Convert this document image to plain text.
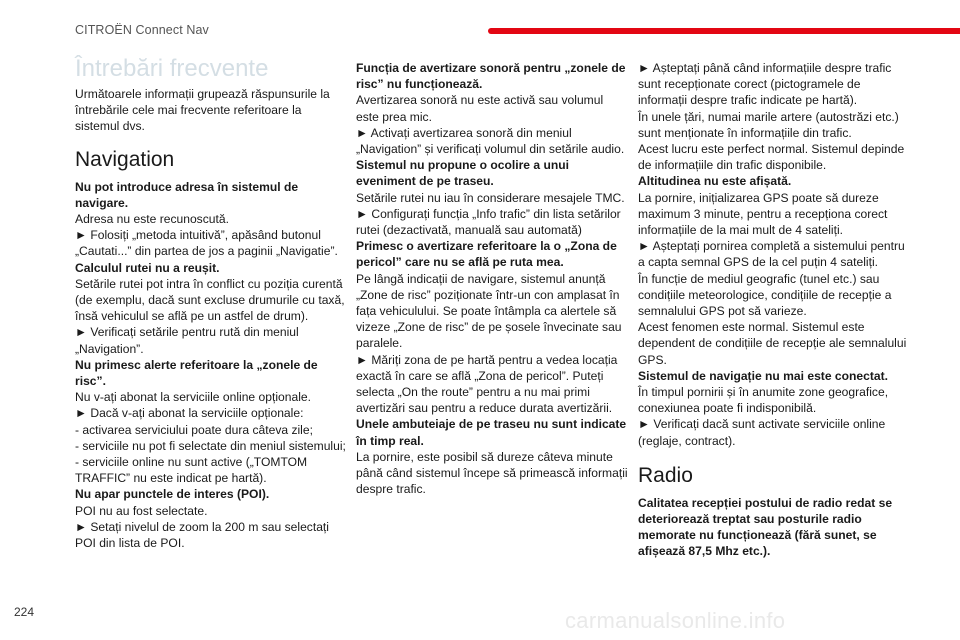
CITROËN Connect Nav
Întrebări frecvente

Următoarele informații grupează răspunsurile la întrebările cele mai frecvente referitoare la sistemul dvs.

Navigation

Nu pot introduce adresa în sistemul de navigare.

Adresa nu este recunoscută.

► Folosiți „metoda intuitivă”, apăsând butonul „Cautati...” din partea de jos a paginii „Navigatie”.

Calculul rutei nu a reușit.

Setările rutei pot intra în conflict cu poziția curentă (de exemplu, dacă sunt excluse drumurile cu taxă, însă vehiculul se află pe un astfel de drum).

► Verificați setările pentru rută din meniul „Navigation”.

Nu primesc alerte referitoare la „zonele de risc”.

Nu v-ați abonat la serviciile online opționale.

► Dacă v-ați abonat la serviciile opționale:

- activarea serviciului poate dura câteva zile;

- serviciile nu pot fi selectate din meniul sistemului;

- serviciile online nu sunt active („TOMTOM TRAFFIC” nu este indicat pe hartă).

Nu apar punctele de interes (POI).

POI nu au fost selectate.

► Setați nivelul de zoom la 200 m sau selectați POI din lista de POI.

Funcția de avertizare sonoră pentru „zonele de risc” nu funcționează.

Avertizarea sonoră nu este activă sau volumul este prea mic.

► Activați avertizarea sonoră din meniul „Navigation” și verificați volumul din setările audio.

Sistemul nu propune o ocolire a unui eveniment de pe traseu.

Setările rutei nu iau în considerare mesajele TMC.

► Configurați funcția „Info trafic” din lista setărilor rutei (dezactivată, manuală sau automată)

Primesc o avertizare referitoare la o „Zona de pericol” care nu se află pe ruta mea.

Pe lângă indicații de navigare, sistemul anunță „Zone de risc” poziționate într-un con amplasat în fața vehiculului. Se poate întâmpla ca alertele să vizeze „Zone de risc” de pe șosele învecinate sau paralele.

► Măriți zona de pe hartă pentru a vedea locația exactă în care se află „Zona de pericol”. Puteți selecta „On the route” pentru a nu mai primi avertizări sau pentru a reduce durata avertizării.

Unele ambuteiaje de pe traseu nu sunt indicate în timp real.

La pornire, este posibil să dureze câteva minute până când sistemul începe să primească informații despre trafic.

► Așteptați până când informațiile despre trafic sunt recepționate corect (pictogramele de informații despre trafic indicate pe hartă).

În unele țări, numai marile artere (autostrăzi etc.) sunt menționate în informațiile din trafic.

Acest lucru este perfect normal. Sistemul depinde de informațiile din trafic disponibile.

Altitudinea nu este afișată.

La pornire, inițializarea GPS poate să dureze maximum 3 minute, pentru a recepționa corect informațiile de la mai mult de 4 sateliți.

► Așteptați pornirea completă a sistemului pentru a capta semnal GPS de la cel puțin 4 sateliți.

În funcție de mediul geografic (tunel etc.) sau condițiile meteorologice, condițiile de recepție a semnalului GPS pot să varieze.

Acest fenomen este normal. Sistemul este dependent de condițiile de recepție ale semnalului GPS.

Sistemul de navigație nu mai este conectat.

În timpul pornirii și în anumite zone geografice, conexiunea poate fi indisponibilă.

► Verificați dacă sunt activate serviciile online (reglaje, contract).

Radio

Calitatea recepției postului de radio redat se deteriorează treptat sau posturile radio memorate nu funcționează (fără sunet, se afișează 87,5 Mhz etc.).

224	carmanualsonline.info
